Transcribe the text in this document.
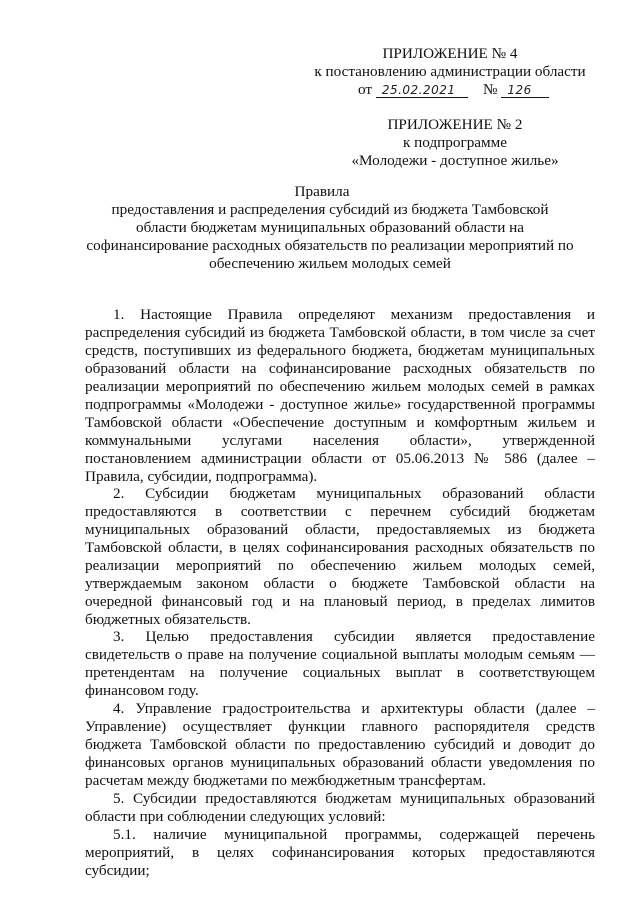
ПРИЛОЖЕНИЕ № 4
к постановлению администрации области
от 25.02.2021 № 126
ПРИЛОЖЕНИЕ № 2
к подпрограмме
«Молодежи - доступное жилье»
Правила
предоставления и распределения субсидий из бюджета Тамбовской
области бюджетам муниципальных образований области на
софинансирование расходных обязательств по реализации мероприятий по
обеспечению жильем молодых семей
1. Настоящие Правила определяют механизм предоставления и
распределения субсидий из бюджета Тамбовской области, в том числе за счет
средств, поступивших из федерального бюджета, бюджетам муниципальных
образований области на софинансирование расходных обязательств по
реализации мероприятий по обеспечению жильем молодых семей в рамках
подпрограммы «Молодежи - доступное жилье» государственной программы
Тамбовской области «Обеспечение доступным и комфортным жильем и
коммунальными услугами населения области», утвержденной
постановлением администрации области от 05.06.2013 № 586 (далее –
Правила, субсидии, подпрограмма).
2. Субсидии бюджетам муниципальных образований области
предоставляются в соответствии с перечнем субсидий бюджетам
муниципальных образований области, предоставляемых из бюджета
Тамбовской области, в целях софинансирования расходных обязательств по
реализации мероприятий по обеспечению жильем молодых семей,
утверждаемым законом области о бюджете Тамбовской области на
очередной финансовый год и на плановый период, в пределах лимитов
бюджетных обязательств.
3. Целью предоставления субсидии является предоставление
свидетельств о праве на получение социальной выплаты молодым семьям —
претендентам на получение социальных выплат в соответствующем
финансовом году.
4. Управление градостроительства и архитектуры области (далее –
Управление) осуществляет функции главного распорядителя средств
бюджета Тамбовской области по предоставлению субсидий и доводит до
финансовых органов муниципальных образований области уведомления по
расчетам между бюджетами по межбюджетным трансфертам.
5. Субсидии предоставляются бюджетам муниципальных образований
области при соблюдении следующих условий:
5.1. наличие муниципальной программы, содержащей перечень
мероприятий, в целях софинансирования которых предоставляются
субсидии;
